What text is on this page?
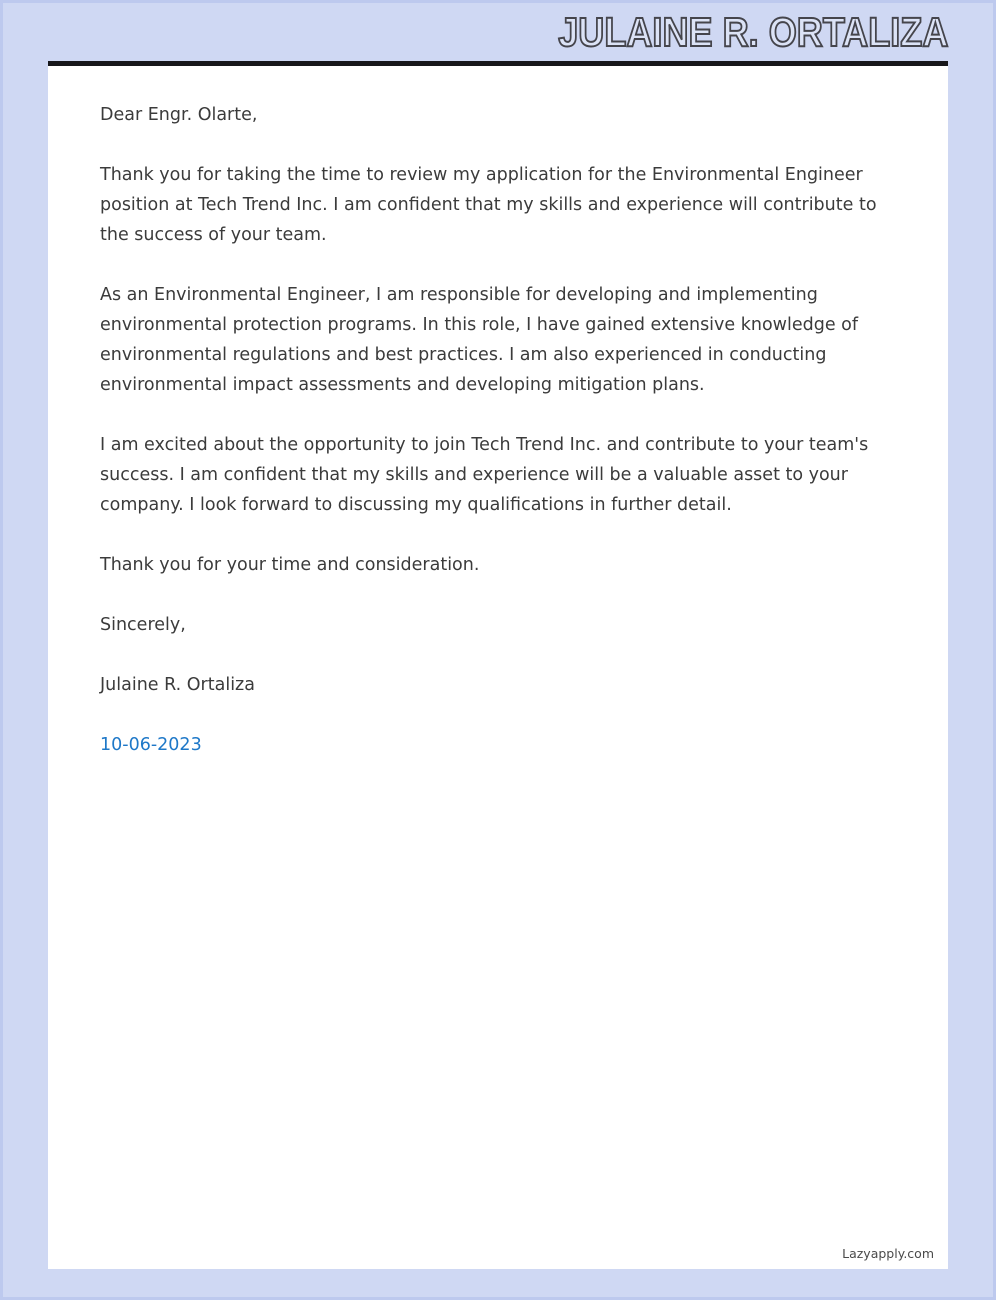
JULAINE R. ORTALIZA

Dear Engr. Olarte,

Thank you for taking the time to review my application for the Environmental Engineer position at Tech Trend Inc. I am confident that my skills and experience will contribute to the success of your team.

As an Environmental Engineer, I am responsible for developing and implementing environmental protection programs. In this role, I have gained extensive knowledge of environmental regulations and best practices. I am also experienced in conducting environmental impact assessments and developing mitigation plans.

I am excited about the opportunity to join Tech Trend Inc. and contribute to your team's success. I am confident that my skills and experience will be a valuable asset to your company. I look forward to discussing my qualifications in further detail.

Thank you for your time and consideration.

Sincerely,

Julaine R. Ortaliza

10-06-2023

Lazyapply.com
